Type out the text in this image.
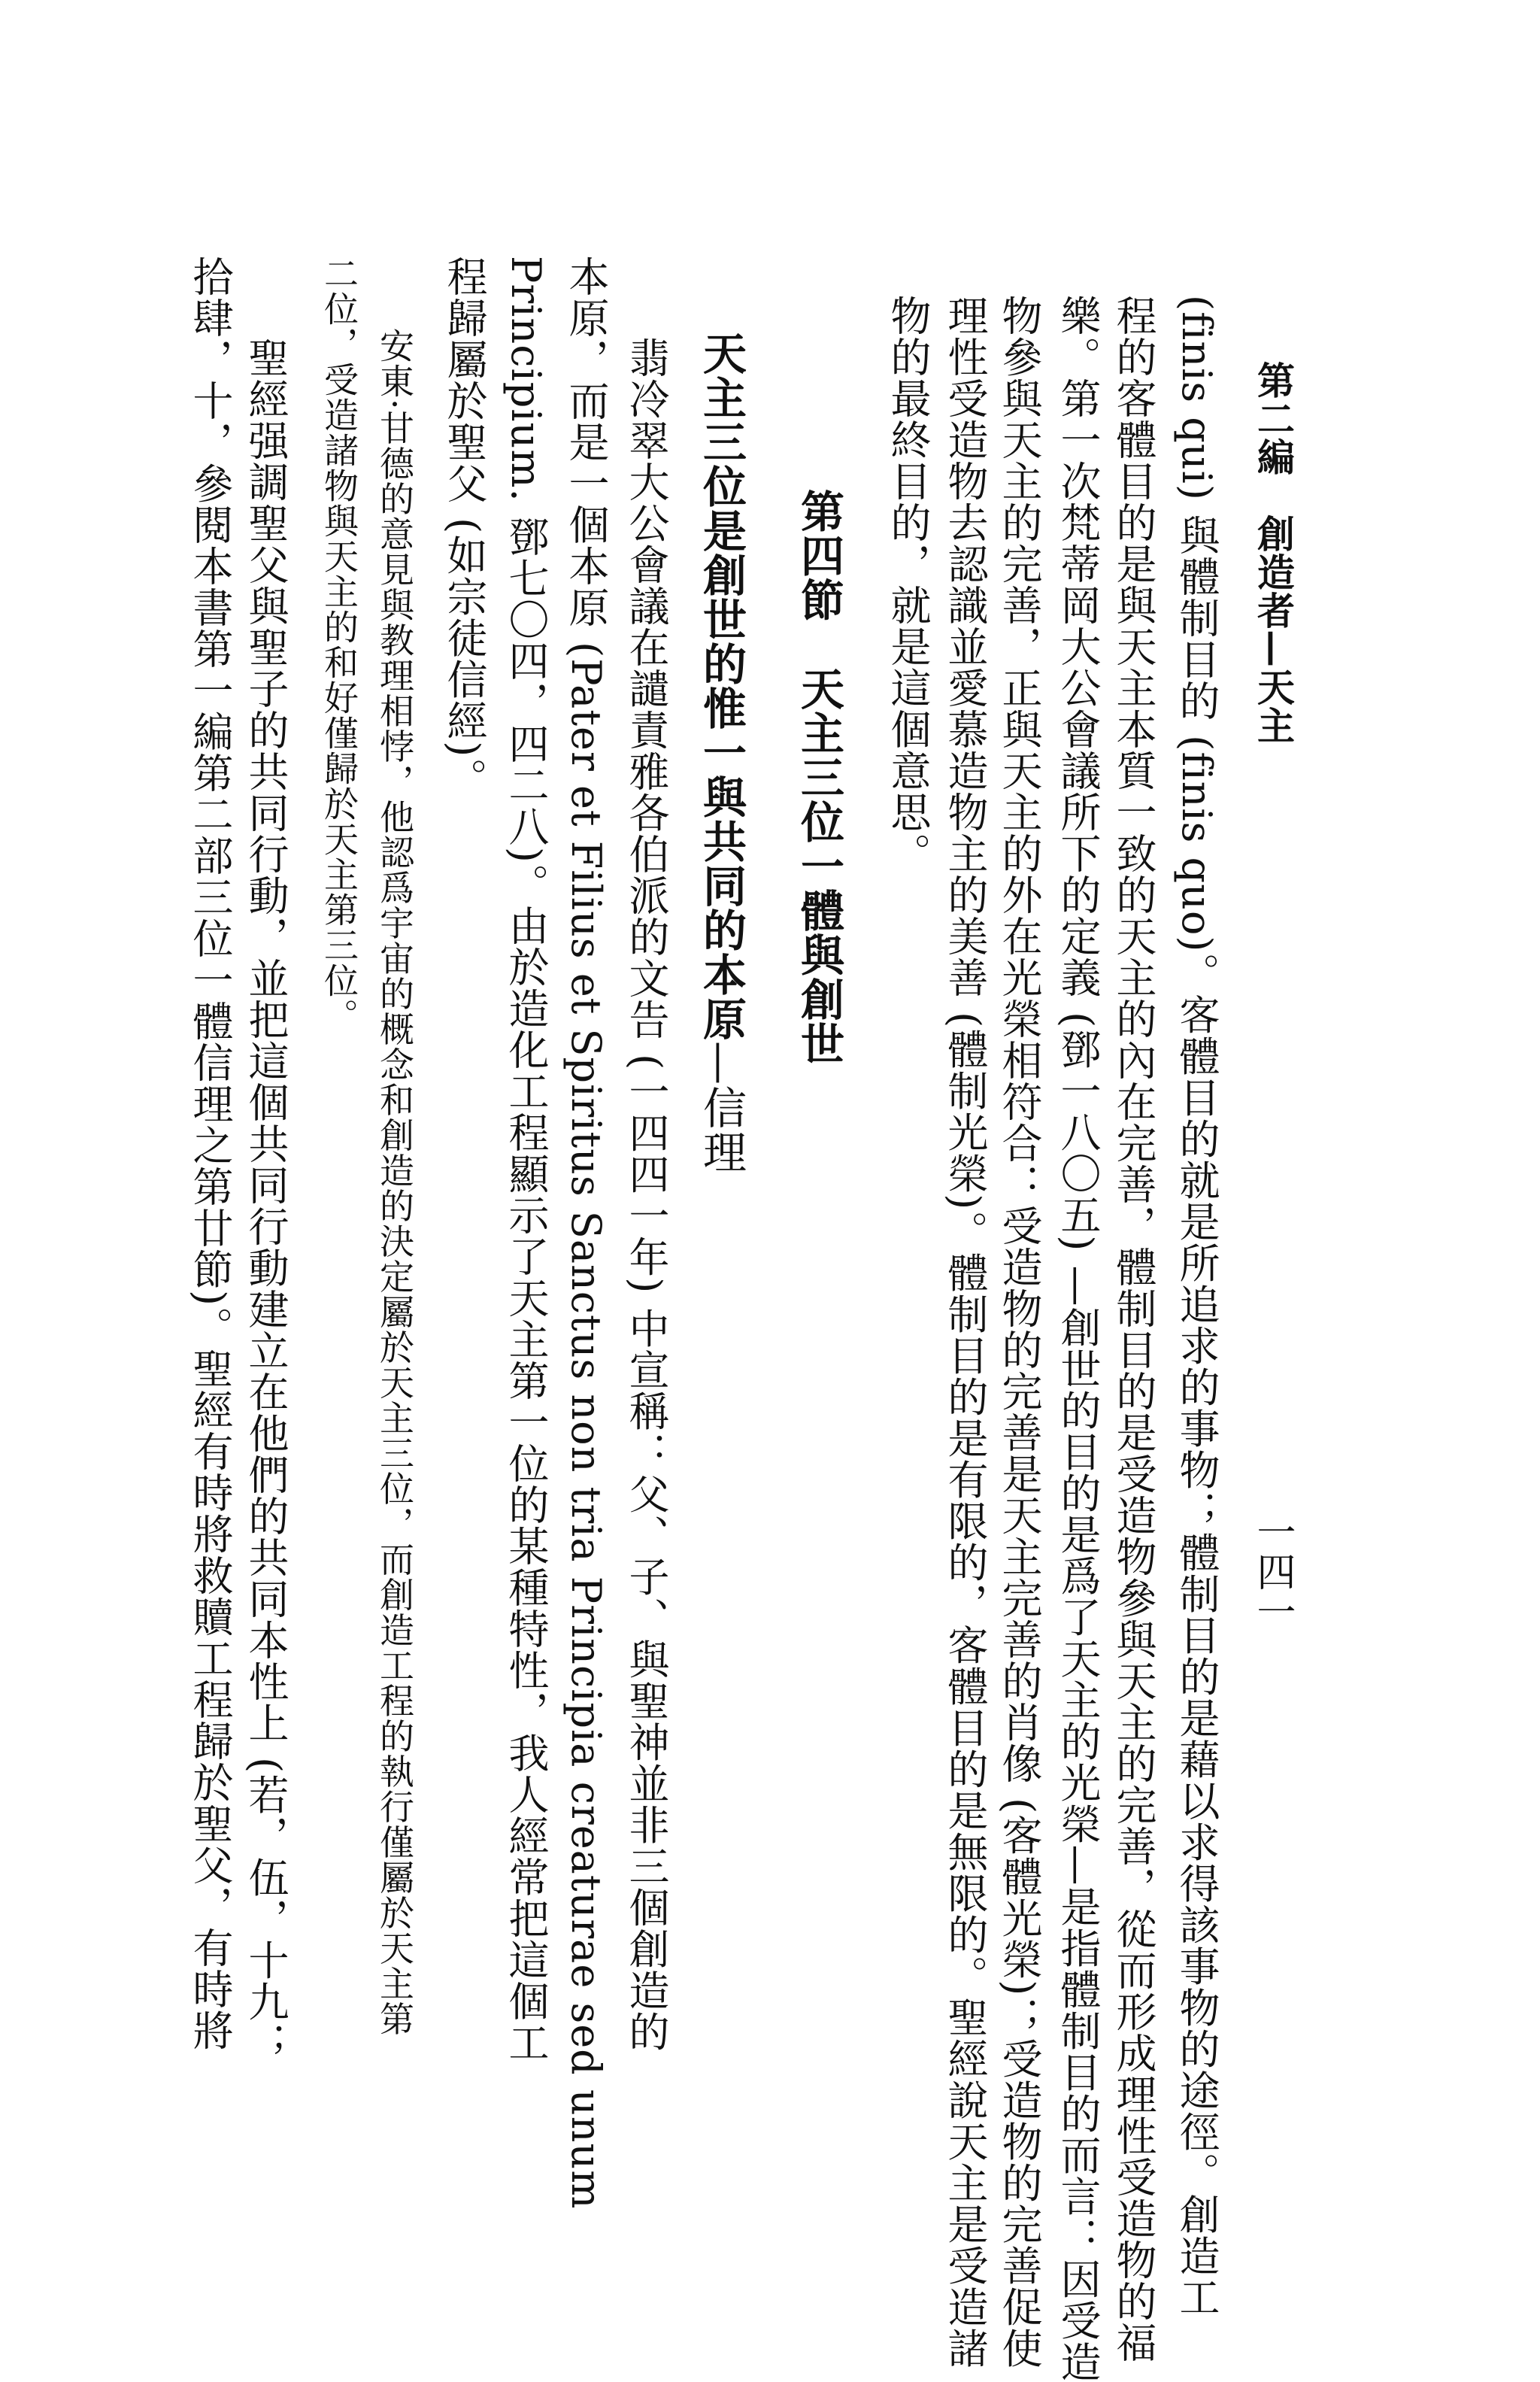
第二編　創造者—天主
一四一
(finis qui) 與體制目的 (finis quo)。客體目的就是所追求的事物；體制目的是藉以求得該事物的途徑。創造工
程的客體目的是與天主本質一致的天主的內在完善，體制目的是受造物參與天主的完善，從而形成理性受造物的福
樂。第一次梵蒂岡大公會議所下的定義 (鄧一八〇五) —創世的目的是爲了天主的光榮—是指體制目的而言：因受造
物參與天主的完善，正與天主的外在光榮相符合：受造物的完善是天主完善的肖像 (客體光榮)；受造物的完善促使
理性受造物去認識並愛慕造物主的美善 (體制光榮)。體制目的是有限的，客體目的是無限的。聖經說天主是受造諸
物的最終目的，就是這個意思。
第四節　天主三位一體與創世
天主三位是創世的惟一與共同的本原—信理
翡冷翠大公會議在譴責雅各伯派的文告 (一四四一年) 中宣稱：父、子、與聖神並非三個創造的
本原，而是一個本原 (Pater et Filius et Spiritus Sanctus non tria Principia creaturae sed unum
Principium. 鄧七〇四，四二八)。由於造化工程顯示了天主第一位的某種特性，我人經常把這個工
程歸屬於聖父 (如宗徒信經)。
安東·甘德的意見與教理相悖，他認爲宇宙的概念和創造的決定屬於天主三位，而創造工程的執行僅屬於天主第
二位，受造諸物與天主的和好僅歸於天主第三位。
聖經强調聖父與聖子的共同行動，並把這個共同行動建立在他們的共同本性上 (若，伍，十九；
拾肆，十，參閱本書第一編第二部三位一體信理之第廿節)。聖經有時將救贖工程歸於聖父，有時將
